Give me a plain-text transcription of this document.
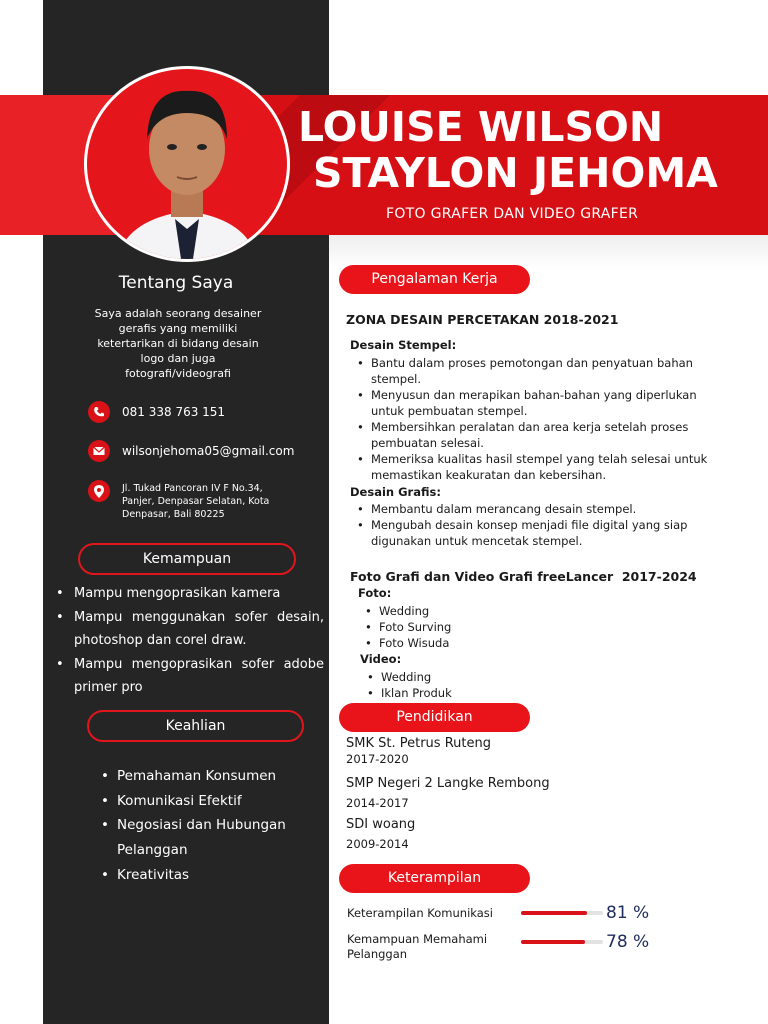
LOUISE WILSON
STAYLON JEHOMA
FOTO GRAFER DAN VIDEO GRAFER
Tentang Saya
Saya adalah seorang desainer gerafis yang memiliki ketertarikan di bidang desain logo dan juga fotografi/videografi
081 338 763 151
wilsonjehoma05@gmail.com
Jl. Tukad Pancoran IV F No.34, Panjer, Denpasar Selatan, Kota Denpasar, Bali 80225
Kemampuan
• Mampu mengoprasikan kamera
• Mampu menggunakan sofer desain, photoshop dan corel draw.
• Mampu mengoprasikan sofer adobe primer pro
Keahlian
• Pemahaman Konsumen
• Komunikasi Efektif
• Negosiasi dan Hubungan Pelanggan
• Kreativitas
Pengalaman Kerja
ZONA DESAIN PERCETAKAN 2018-2021
Desain Stempel:
• Bantu dalam proses pemotongan dan penyatuan bahan stempel.
• Menyusun dan merapikan bahan-bahan yang diperlukan untuk pembuatan stempel.
• Membersihkan peralatan dan area kerja setelah proses pembuatan selesai.
• Memeriksa kualitas hasil stempel yang telah selesai untuk memastikan keakuratan dan kebersihan.
Desain Grafis:
• Membantu dalam merancang desain stempel.
• Mengubah desain konsep menjadi file digital yang siap digunakan untuk mencetak stempel.
Foto Grafi dan Video Grafi freeLancer  2017-2024
Foto:
• Wedding
• Foto Surving
• Foto Wisuda
Video:
• Wedding
• Iklan Produk
Pendidikan
SMK St. Petrus Ruteng
2017-2020
SMP Negeri 2 Langke Rembong
2014-2017
SDI woang
2009-2014
Keterampilan
Keterampilan Komunikasi	81 %
Kemampuan Memahami Pelanggan
78 %
